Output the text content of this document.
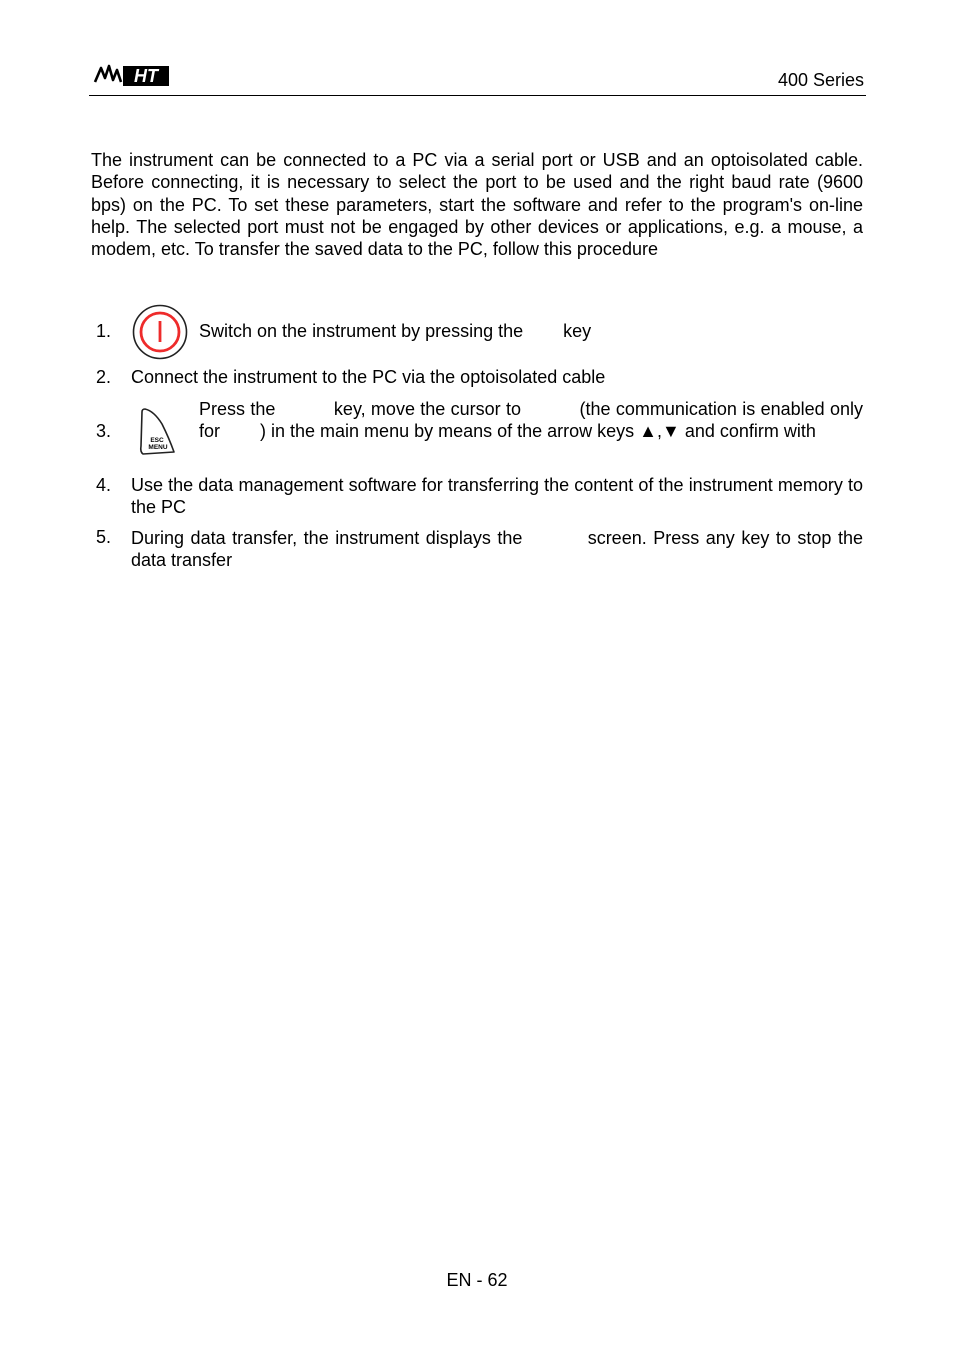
HT	400 Series

The instrument can be connected to a PC via a serial port or USB and an optoisolated cable. Before connecting, it is necessary to select the port to be used and the right baud rate (9600 bps) on the PC. To set these parameters, start the software and refer to the program's on-line help. The selected port must not be engaged by other devices or applications, e.g. a mouse, a modem, etc. To transfer the saved data to the PC, follow this procedure

1.	Switch on the instrument by pressing the        key
2. Connect the instrument to the PC via the optoisolated cable
3.	ESC
MENU
Press the           key, move the cursor to           (the communication is enabled only for        ) in the main menu by means of the arrow keys ▲,▼ and confirm with
4. Use the data management software for transferring the content of the instrument memory to the PC
5. During data transfer, the instrument displays the          screen. Press any key to stop the data transfer
EN - 62
